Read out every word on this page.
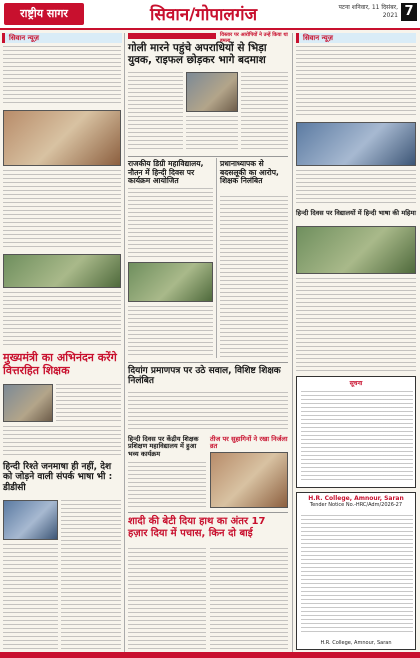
राष्ट्रीय सागर	सिवान/गोपालगंज	पटना शनिवार, 11 दिसंबर, 2021 7
सिवान न्यूज़
मुख्यमंत्री का अभिनंदन करेंगे वित्तरहित शिक्षक
हिन्दी रिश्ते जनमाषा ही नहीं, देश को जोड़ने वाली संपर्क भाषा भी : डीडीसी
विस्तार पर आरोपियों ने उन्हें किया था हमला
गोली मारने पहुंचे अपराधियों से भिड़ा युवक, राइफल छोड़कर भागे बदमाश
राजकीय डिग्री महाविद्यालय, नौतन में हिन्दी दिवस पर कार्यक्रम आयोजित
प्रधानाध्यापक से बदसलूकी का आरोप, शिक्षक निलंबित
दियांग प्रमाणपत्र पर उठे सवाल, विशिष्ट शिक्षक निलंबित
हिन्दी दिवस पर केंद्रीय शिक्षक प्रशिक्षण महाविद्यालय में हुआ भव्य कार्यक्रम
तीज पर सुहागिनों ने रखा निर्जला व्रत
शादी की बेटी दिया हाथ का अंतर 17 हज़ार दिया में पचास, किन दो बाई
सिवान न्यूज़
हिन्दी दिवस पर विद्यालयों में हिन्दी भाषा की महिमा
सूचना
H.R. College, Amnour, Saran
Tender Notice No.-HRC/Adm/2026-27
H.R. College, Amnour, Saran
